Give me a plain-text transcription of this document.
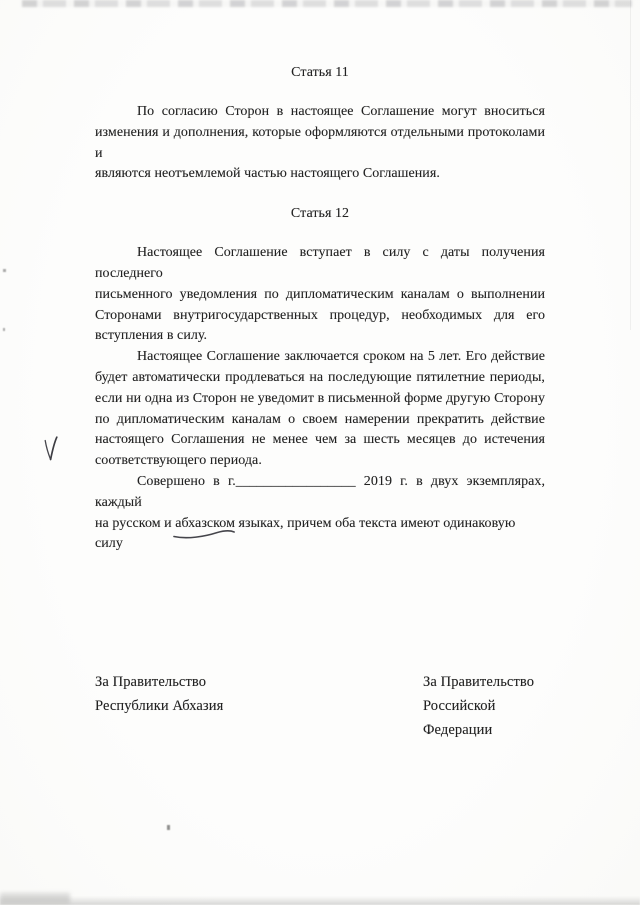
Статья 11
По согласию Сторон в настоящее Соглашение могут вноситься
изменения и дополнения, которые оформляются отдельными протоколами и
являются неотъемлемой частью настоящего Соглашения.
Статья 12
Настоящее Соглашение вступает в силу с даты получения последнего
письменного уведомления по дипломатическим каналам о выполнении
Сторонами внутригосударственных процедур, необходимых для его
вступления в силу.
Настоящее Соглашение заключается сроком на 5 лет. Его действие
будет автоматически продлеваться на последующие пятилетние периоды,
если ни одна из Сторон не уведомит в письменной форме другую Сторону
по дипломатическим каналам о своем намерении прекратить действие
настоящего Соглашения не менее чем за шесть месяцев до истечения
соответствующего периода.
Совершено в г._________________ 2019 г. в двух экземплярах, каждый
на русском и абхазском
языках, причем оба текста имеют одинаковую силу
За Правительство
Республики Абхазия
За Правительство
Российской Федерации
